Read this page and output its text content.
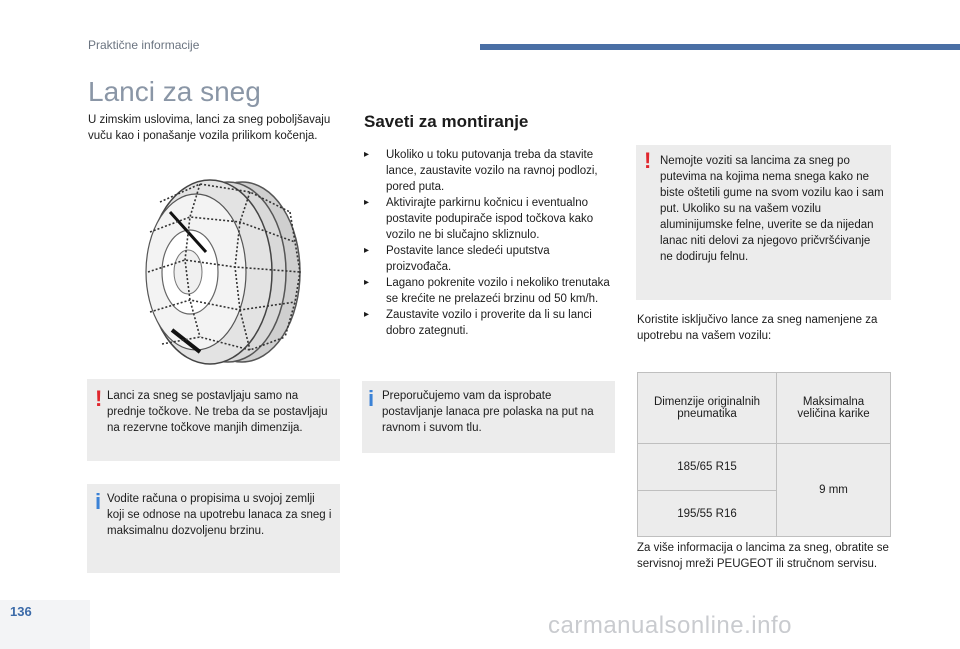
Praktične informacije
Lanci za sneg
U zimskim uslovima, lanci za sneg poboljšavaju vuču kao i ponašanje vozila prilikom kočenja.
! Lanci za sneg se postavljaju samo na prednje točkove. Ne treba da se postavljaju na rezervne točkove manjih dimenzija.
i Vodite računa o propisima u svojoj zemlji koji se odnose na upotrebu lanaca za sneg i maksimalnu dozvoljenu brzinu.
Saveti za montiranje
▸ Ukoliko u toku putovanja treba da stavite lance, zaustavite vozilo na ravnoj podlozi, pored puta.
▸ Aktivirajte parkirnu kočnicu i eventualno postavite podupirače ispod točkova kako vozilo ne bi slučajno skliznulo.
▸ Postavite lance sledeći uputstva proizvođača.
▸ Lagano pokrenite vozilo i nekoliko trenutaka se krećite ne prelazeći brzinu od 50 km/h.
▸ Zaustavite vozilo i proverite da li su lanci dobro zategnuti.
i Preporučujemo vam da isprobate postavljanje lanaca pre polaska na put na ravnom i suvom tlu.
! Nemojte voziti sa lancima za sneg po putevima na kojima nema snega kako ne biste oštetili gume na svom vozilu kao i sam put. Ukoliko su na vašem vozilu aluminijumske felne, uverite se da nijedan lanac niti delovi za njegovo pričvršćivanje ne dodiruju felnu.
Koristite isključivo lance za sneg namenjene za upotrebu na vašem vozilu:
Dimenzije originalnih pneumatika	Maksimalna veličina karike
185/65 R15	9 mm
195/55 R16	
Za više informacija o lancima za sneg, obratite se servisnoj mreži PEUGEOT ili stručnom servisu.
136
carmanualsonline.info
